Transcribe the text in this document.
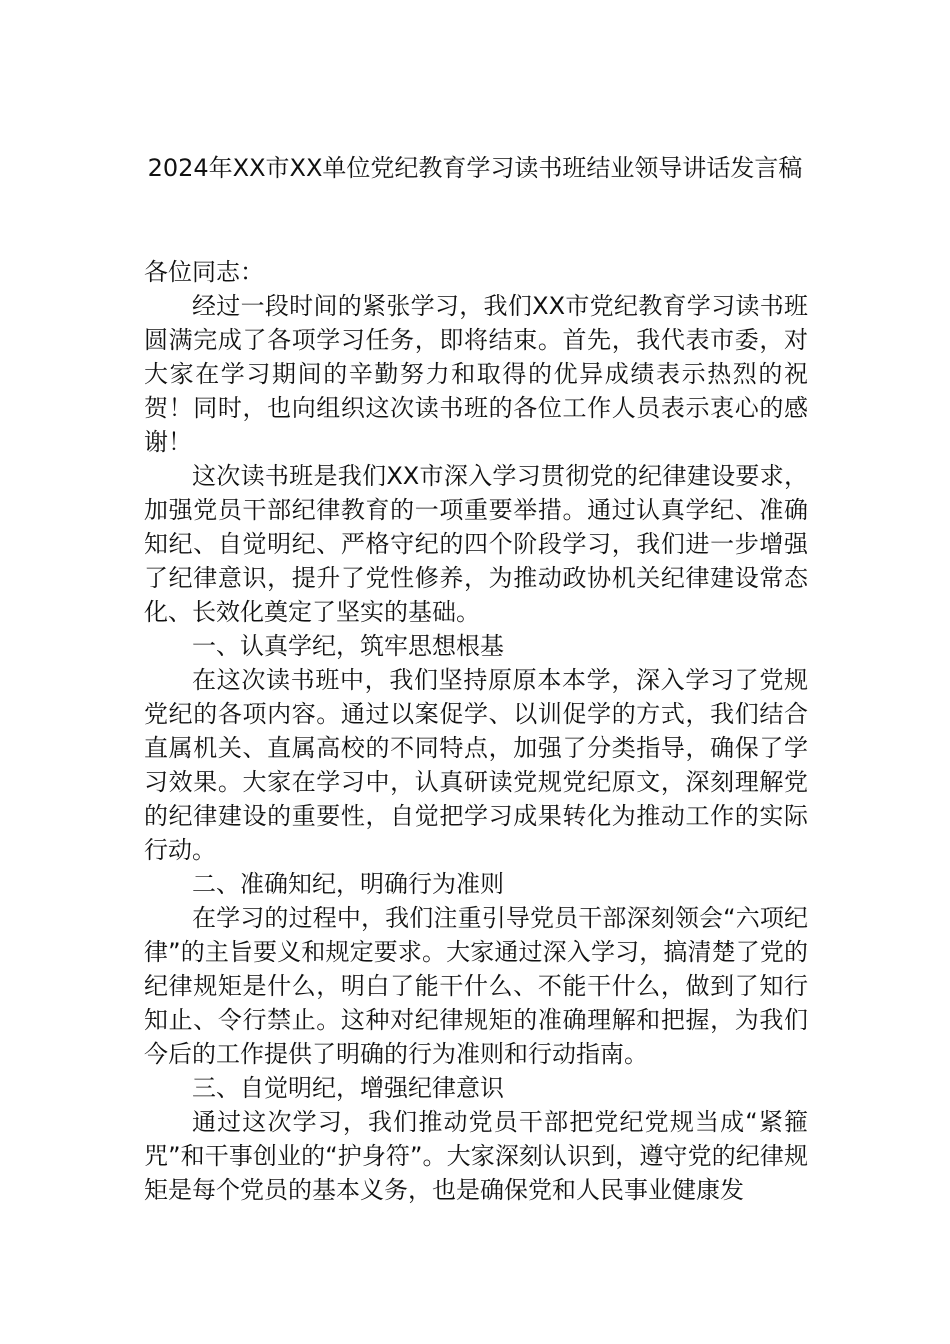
2024年XX市XX单位党纪教育学习读书班结业领导讲话发言稿

各位同志：

经过一段时间的紧张学习，我们XX市党纪教育学习读书班圆满完成了各项学习任务，即将结束。首先，我代表市委，对大家在学习期间的辛勤努力和取得的优异成绩表示热烈的祝贺！同时，也向组织这次读书班的各位工作人员表示衷心的感谢！

这次读书班是我们XX市深入学习贯彻党的纪律建设要求，加强党员干部纪律教育的一项重要举措。通过认真学纪、准确知纪、自觉明纪、严格守纪的四个阶段学习，我们进一步增强了纪律意识，提升了党性修养，为推动政协机关纪律建设常态化、长效化奠定了坚实的基础。

一、认真学纪，筑牢思想根基

在这次读书班中，我们坚持原原本本学，深入学习了党规党纪的各项内容。通过以案促学、以训促学的方式，我们结合直属机关、直属高校的不同特点，加强了分类指导，确保了学习效果。大家在学习中，认真研读党规党纪原文，深刻理解党的纪律建设的重要性，自觉把学习成果转化为推动工作的实际行动。

二、准确知纪，明确行为准则

在学习的过程中，我们注重引导党员干部深刻领会“六项纪律”的主旨要义和规定要求。大家通过深入学习，搞清楚了党的纪律规矩是什么，明白了能干什么、不能干什么，做到了知行知止、令行禁止。这种对纪律规矩的准确理解和把握，为我们今后的工作提供了明确的行为准则和行动指南。

三、自觉明纪，增强纪律意识

通过这次学习，我们推动党员干部把党纪党规当成“紧箍咒”和干事创业的“护身符”。大家深刻认识到，遵守党的纪律规矩是每个党员的基本义务，也是确保党和人民事业健康发
